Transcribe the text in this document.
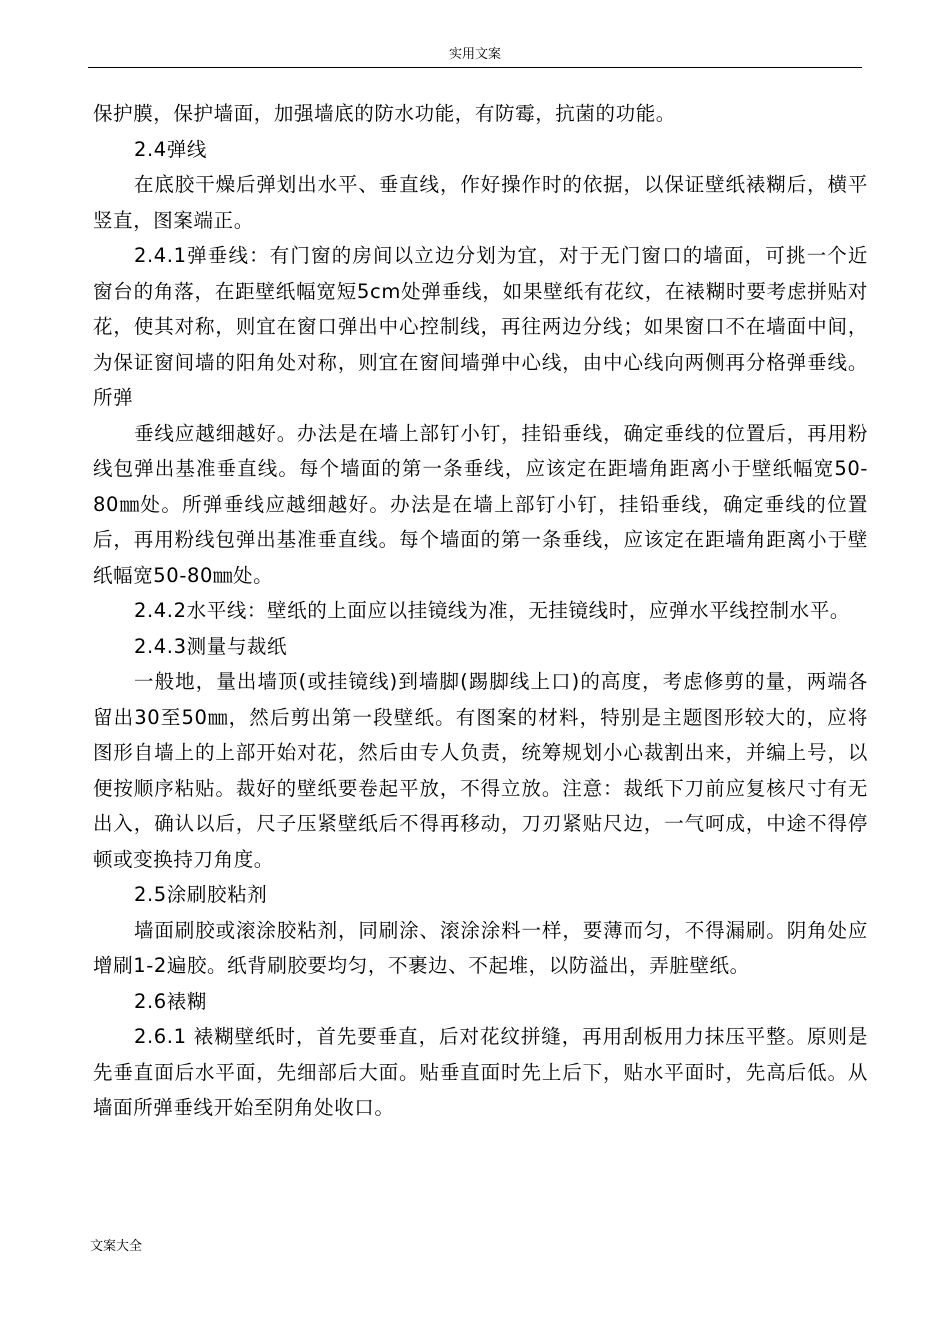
实用文案

保护膜，保护墙面，加强墙底的防水功能，有防霉，抗菌的功能。

2.4弹线

在底胶干燥后弹划出水平、垂直线，作好操作时的依据，以保证壁纸裱糊后，横平竖直，图案端正。

2.4.1弹垂线：有门窗的房间以立边分划为宜，对于无门窗口的墙面，可挑一个近窗台的角落，在距壁纸幅宽短5cm处弹垂线，如果壁纸有花纹，在裱糊时要考虑拼贴对花，使其对称，则宜在窗口弹出中心控制线，再往两边分线；如果窗口不在墙面中间，为保证窗间墙的阳角处对称，则宜在窗间墙弹中心线，由中心线向两侧再分格弹垂线。所弹

垂线应越细越好。办法是在墙上部钉小钉，挂铅垂线，确定垂线的位置后，再用粉线包弹出基准垂直线。每个墙面的第一条垂线，应该定在距墙角距离小于壁纸幅宽50-80㎜处。所弹垂线应越细越好。办法是在墙上部钉小钉，挂铅垂线，确定垂线的位置后，再用粉线包弹出基准垂直线。每个墙面的第一条垂线，应该定在距墙角距离小于壁纸幅宽50-80㎜处。

2.4.2水平线：壁纸的上面应以挂镜线为准，无挂镜线时，应弹水平线控制水平。

2.4.3测量与裁纸

一般地，量出墙顶(或挂镜线)到墙脚(踢脚线上口)的高度，考虑修剪的量，两端各留出30至50㎜，然后剪出第一段壁纸。有图案的材料，特别是主题图形较大的，应将图形自墙上的上部开始对花，然后由专人负责，统筹规划小心裁割出来，并编上号，以便按顺序粘贴。裁好的壁纸要卷起平放，不得立放。注意：裁纸下刀前应复核尺寸有无出入，确认以后，尺子压紧壁纸后不得再移动，刀刃紧贴尺边，一气呵成，中途不得停顿或变换持刀角度。

2.5涂刷胶粘剂

墙面刷胶或滚涂胶粘剂，同刷涂、滚涂涂料一样，要薄而匀，不得漏刷。阴角处应增刷1-2遍胶。纸背刷胶要均匀，不裹边、不起堆，以防溢出，弄脏壁纸。

2.6裱糊

2.6.1 裱糊壁纸时，首先要垂直，后对花纹拼缝，再用刮板用力抹压平整。原则是先垂直面后水平面，先细部后大面。贴垂直面时先上后下，贴水平面时，先高后低。从墙面所弹垂线开始至阴角处收口。

文案大全
